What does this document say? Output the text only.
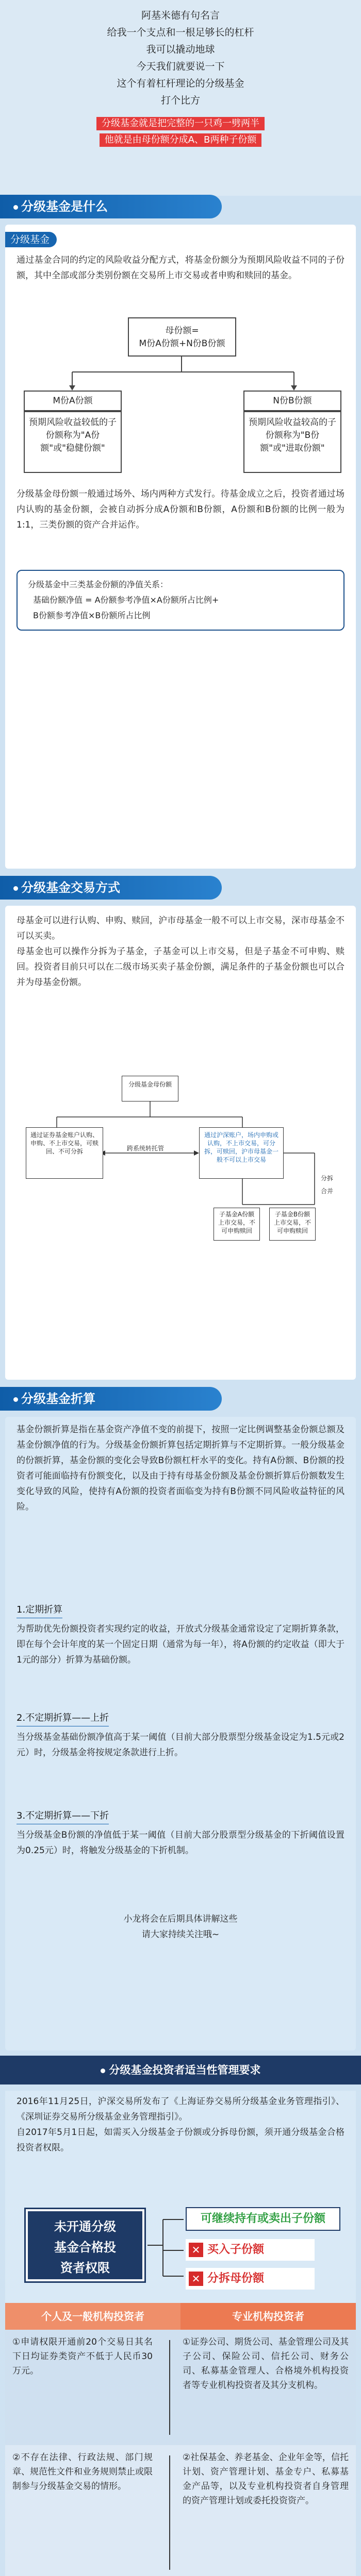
阿基米德有句名言

给我一个支点和一根足够长的杠杆

我可以撬动地球

今天我们就要说一下

这个有着杠杆理论的分级基金

打个比方

分级基金就是把完整的一只鸡一劈两半
他就是由母份额分成A、B两种子份额
分级基金是什么
分级基金

通过基金合同的约定的风险收益分配方式，将基金份额分为预期风险收益不同的子份额，其中全部或部分类别份额在交易所上市交易或者申购和赎回的基金。

母份额=
M份A份额+N份B份额
M份A份额	N份B份额
预期风险收益较低的子份额称为"A份额"或"稳健份额"
预期风险收益较高的子份额称为"B份额"或"进取份额"

分级基金母份额一般通过场外、场内两种方式发行。待基金成立之后，投资者通过场内认购的基金份额，会被自动拆分成A份额和B份额，A份额和B份额的比例一般为1:1，三类份额的资产合并运作。

分级基金中三类基金份额的净值关系：
基础份额净值 = A份额参考净值×A份额所占比例+
B份额参考净值×B份额所占比例
分级基金交易方式

母基金可以进行认购、申购、赎回，沪市母基金一般不可以上市交易，深市母基金不可以买卖。
母基金也可以操作分拆为子基金，子基金可以上市交易，但是子基金不可申购、赎回。投资者目前只可以在二级市场买卖子基金份额，满足条件的子基金份额也可以合并为母基金份额。

分级基金母份额
通过证券基金账户认购、申购、不上市交易，可赎回、不可分拆	跨系统转托管
通过沪深账户，场内申购或认购，不上市交易，可分拆，可赎回，沪市母基金一般不可以上市交易
分拆
合并
子基金A份额上市交易，不可申购赎回
子基金B份额上市交易，不可申购赎回
分级基金折算

基金份额折算是指在基金资产净值不变的前提下，按照一定比例调整基金份额总额及基金份额净值的行为。分级基金份额折算包括定期折算与不定期折算。一般分级基金的份额折算，基金份额的变化会导致B份额杠杆水平的变化。持有A份额、B份额的投资者可能面临持有份额变化，以及由于持有母基金份额及基金份额折算后份额数发生变化导致的风险，使持有A份额的投资者面临变为持有B份额不同风险收益特征的风险。

1.定期折算

为帮助优先份额投资者实现约定的收益，开放式分级基金通常设定了定期折算条款，即在每个会计年度的某一个固定日期（通常为每一年），将A份额的约定收益（即大于1元的部分）折算为基础份额。

2.不定期折算——上折

当分级基金基础份额净值高于某一阈值（目前大部分股票型分级基金设定为1.5元或2元）时，分级基金将按规定条款进行上折。

3.不定期折算——下折

当分级基金B份额的净值低于某一阈值（目前大部分股票型分级基金的下折阈值设置为0.25元）时，将触发分级基金的下折机制。

小龙将会在后期具体讲解这些
请大家持续关注哦~
分级基金投资者适当性管理要求

2016年11月25日，沪深交易所发布了《上海证券交易所分级基金业务管理指引》、《深圳证券交易所分级基金业务管理指引》。
自2017年5月1日起，如需买入分级基金子份额或分拆母份额，须开通分级基金合格投资者权限。

未开通分级
基金合格投
资者权限
可继续持有或卖出子份额
✕ 买入子份额
✕ 分拆母份额
个人及一般机构投资者	专业机构投资者
①申请权限开通前20个交易日其名下日均证券类资产不低于人民币30万元。
①证券公司、期货公司、基金管理公司及其子公司、保险公司、信托公司、财务公司、私募基金管理人、合格境外机构投资者等专业机构投资者及其分支机构。
②不存在法律、行政法规、部门规章、规范性文件和业务规则禁止或限制参与分级基金交易的情形。
②社保基金、养老基金、企业年金等，信托计划、资产管理计划、基金专户、私募基金产品等，以及专业机构投资者自身管理的资产管理计划或委托投资资产。
